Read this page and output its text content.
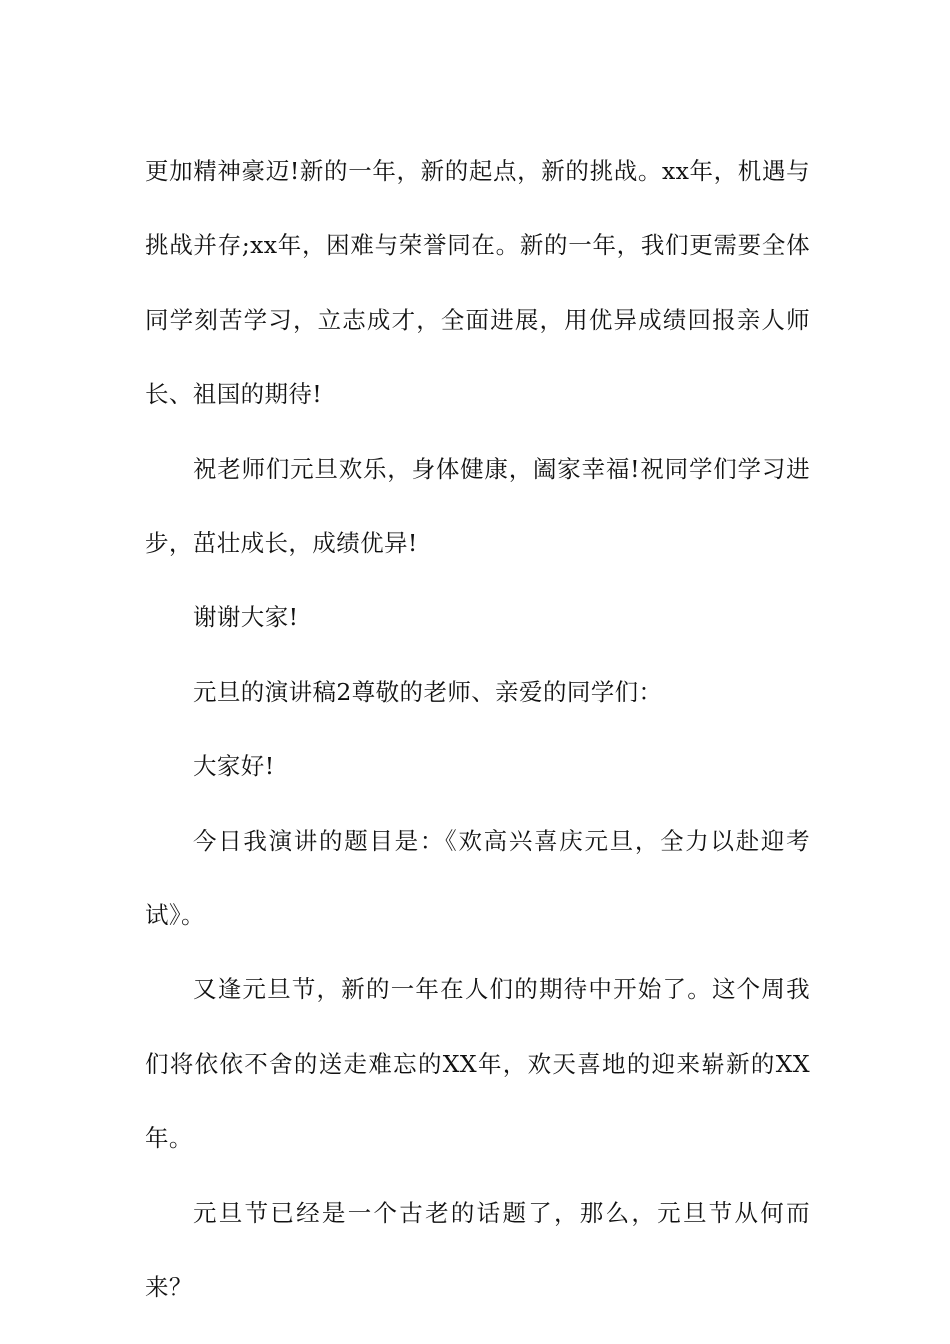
更加精神豪迈!新的一年，新的起点，新的挑战。xx年，机遇与挑战并存;xx年，困难与荣誉同在。新的一年，我们更需要全体同学刻苦学习，立志成才，全面进展，用优异成绩回报亲人师长、祖国的期待!

祝老师们元旦欢乐，身体健康，阖家幸福!祝同学们学习进步，茁壮成长，成绩优异!

谢谢大家!

元旦的演讲稿2尊敬的老师、亲爱的同学们：

大家好!

今日我演讲的题目是：《欢高兴喜庆元旦，全力以赴迎考试》。

又逢元旦节，新的一年在人们的期待中开始了。这个周我们将依依不舍的送走难忘的XX年，欢天喜地的迎来崭新的XX年。

元旦节已经是一个古老的话题了，那么，元旦节从何而来？
